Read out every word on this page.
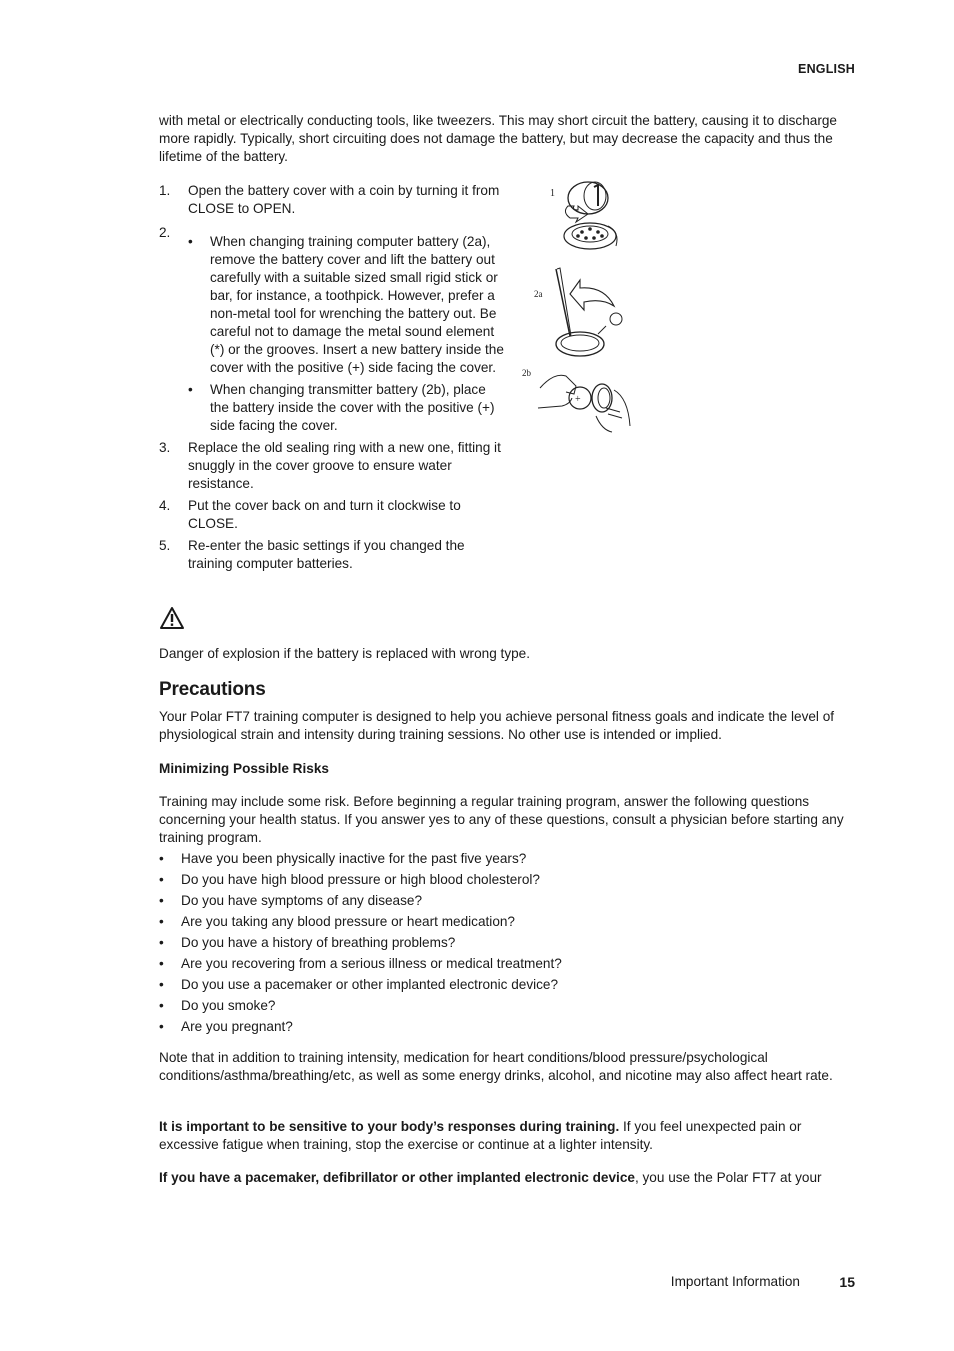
ENGLISH
with metal or electrically conducting tools, like tweezers. This may short circuit the battery, causing it to discharge more rapidly. Typically, short circuiting does not damage the battery, but may decrease the capacity and thus the lifetime of the battery.
1. Open the battery cover with a coin by turning it from CLOSE to OPEN.
2.
• When changing training computer battery (2a), remove the battery cover and lift the battery out carefully with a suitable sized small rigid stick or bar, for instance, a toothpick. However, prefer a non-metal tool for wrenching the battery out. Be careful not to damage the metal sound element (*) or the grooves. Insert a new battery inside the cover with the positive (+) side facing the cover.
• When changing transmitter battery (2b), place the battery inside the cover with the positive (+) side facing the cover.
3. Replace the old sealing ring with a new one, fitting it snuggly in the cover groove to ensure water resistance.
4. Put the cover back on and turn it clockwise to CLOSE.
5. Re-enter the basic settings if you changed the training computer batteries.
1
2a
2b
+
Danger of explosion if the battery is replaced with wrong type.
Precautions
Your Polar FT7 training computer is designed to help you achieve personal fitness goals and indicate the level of physiological strain and intensity during training sessions. No other use is intended or implied.
Minimizing Possible Risks
Training may include some risk. Before beginning a regular training program, answer the following questions concerning your health status. If you answer yes to any of these questions, consult a physician before starting any training program.
• Have you been physically inactive for the past five years?
• Do you have high blood pressure or high blood cholesterol?
• Do you have symptoms of any disease?
• Are you taking any blood pressure or heart medication?
• Do you have a history of breathing problems?
• Are you recovering from a serious illness or medical treatment?
• Do you use a pacemaker or other implanted electronic device?
• Do you smoke?
• Are you pregnant?
Note that in addition to training intensity, medication for heart conditions/blood pressure/psychological conditions/asthma/breathing/etc, as well as some energy drinks, alcohol, and nicotine may also affect heart rate.
It is important to be sensitive to your body’s responses during training. If you feel unexpected pain or excessive fatigue when training, stop the exercise or continue at a lighter intensity.
If you have a pacemaker, defibrillator or other implanted electronic device, you use the Polar FT7 at your
Important Information	15
